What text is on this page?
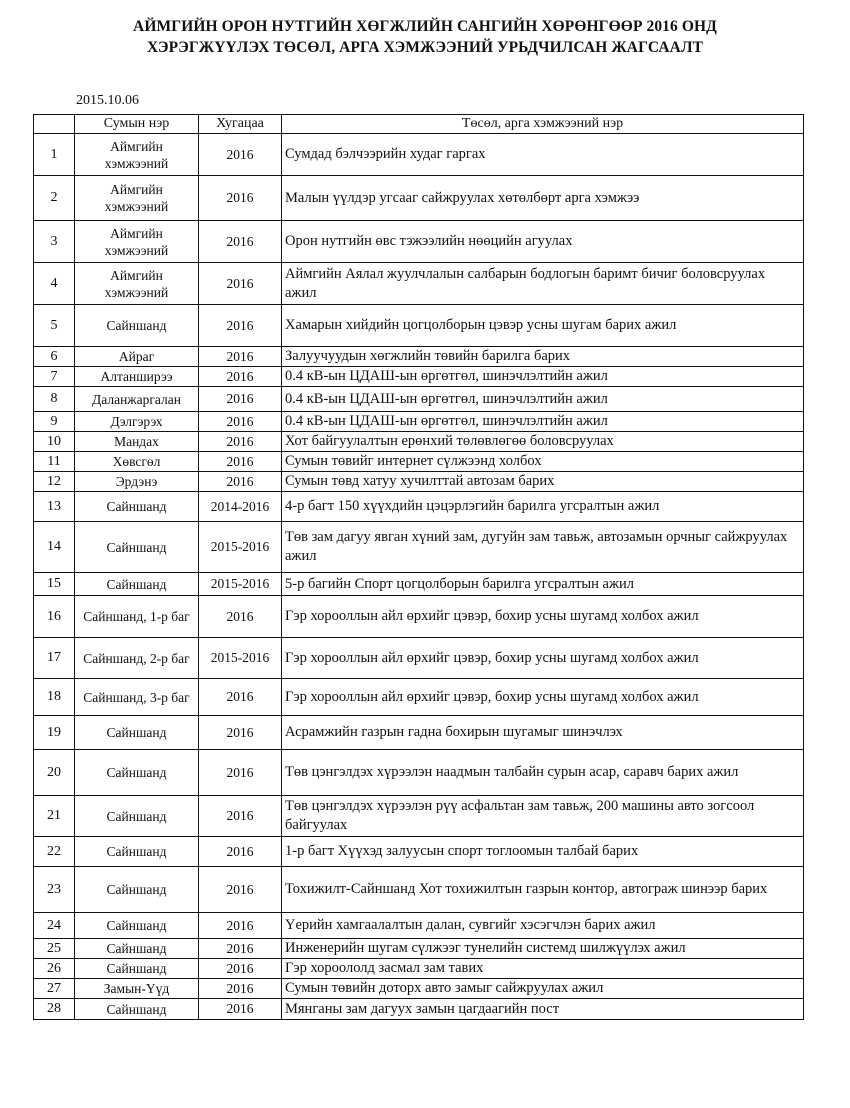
АЙМГИЙН ОРОН НУТГИЙН ХӨГЖЛИЙН САНГИЙН ХӨРӨНГӨӨР 2016 ОНД
ХЭРЭГЖҮҮЛЭХ ТӨСӨЛ, АРГА ХЭМЖЭЭНИЙ УРЬДЧИЛСАН ЖАГСААЛТ
2015.10.06
	Сумын нэр	Хугацаа	Төсөл, арга хэмжээний нэр
1	Аймгийн хэмжээний	2016	Сумдад бэлчээрийн худаг гаргах
2	Аймгийн хэмжээний	2016	Малын үүлдэр угсааг сайжруулах хөтөлбөрт арга хэмжээ
3	Аймгийн хэмжээний	2016	Орон нутгийн өвс тэжээлийн нөөцийн агуулах
4	Аймгийн хэмжээний	2016	Аймгийн Аялал жуулчлалын салбарын бодлогын баримт бичиг боловсруулах ажил
5	Сайншанд	2016	Хамарын хийдийн цогцолборын цэвэр усны шугам барих ажил
6	Айраг	2016	Залуучуудын хөгжлийн төвийн барилга барих
7	Алтанширээ	2016	0.4 кВ-ын ЦДАШ-ын өргөтгөл, шинэчлэлтийн ажил
8	Даланжаргалан	2016	0.4 кВ-ын ЦДАШ-ын өргөтгөл, шинэчлэлтийн ажил
9	Дэлгэрэх	2016	0.4 кВ-ын ЦДАШ-ын өргөтгөл, шинэчлэлтийн ажил
10	Мандах	2016	Хот байгуулалтын ерөнхий төлөвлөгөө боловсруулах
11	Хөвсгөл	2016	Сумын төвийг интернет сүлжээнд холбох
12	Эрдэнэ	2016	Сумын төвд хатуу хучилттай автозам барих
13	Сайншанд	2014-2016	4-р багт 150 хүүхдийн цэцэрлэгийн барилга угсралтын ажил
14	Сайншанд	2015-2016	Төв зам дагуу явган хүний зам, дугуйн зам тавьж, автозамын орчныг сайжруулах ажил
15	Сайншанд	2015-2016	5-р багийн Спорт цогцолборын барилга угсралтын ажил
16	Сайншанд, 1-р баг	2016	Гэр хорооллын айл өрхийг цэвэр, бохир усны шугамд холбох ажил
17	Сайншанд, 2-р баг	2015-2016	Гэр хорооллын айл өрхийг цэвэр, бохир усны шугамд холбох ажил
18	Сайншанд, 3-р баг	2016	Гэр хорооллын айл өрхийг цэвэр, бохир усны шугамд холбох ажил
19	Сайншанд	2016	Асрамжийн газрын гадна бохирын шугамыг шинэчлэх
20	Сайншанд	2016	Төв цэнгэлдэх хүрээлэн наадмын талбайн сурын асар, саравч барих ажил
21	Сайншанд	2016	Төв цэнгэлдэх хүрээлэн рүү асфальтан зам тавьж, 200 машины авто зогсоол байгуулах
22	Сайншанд	2016	1-р багт Хүүхэд залуусын спорт тоглоомын талбай барих
23	Сайншанд	2016	Тохижилт-Сайншанд Хот тохижилтын газрын контор, автограж шинээр барих
24	Сайншанд	2016	Үерийн хамгаалалтын далан, сувгийг хэсэгчлэн барих ажил
25	Сайншанд	2016	Инженерийн шугам сүлжээг тунелийн системд шилжүүлэх ажил
26	Сайншанд	2016	Гэр хороололд засмал зам тавих
27	Замын-Үүд	2016	Сумын төвийн доторх авто замыг сайжруулах ажил
28	Сайншанд	2016	Мянганы зам дагуух замын цагдаагийн пост
